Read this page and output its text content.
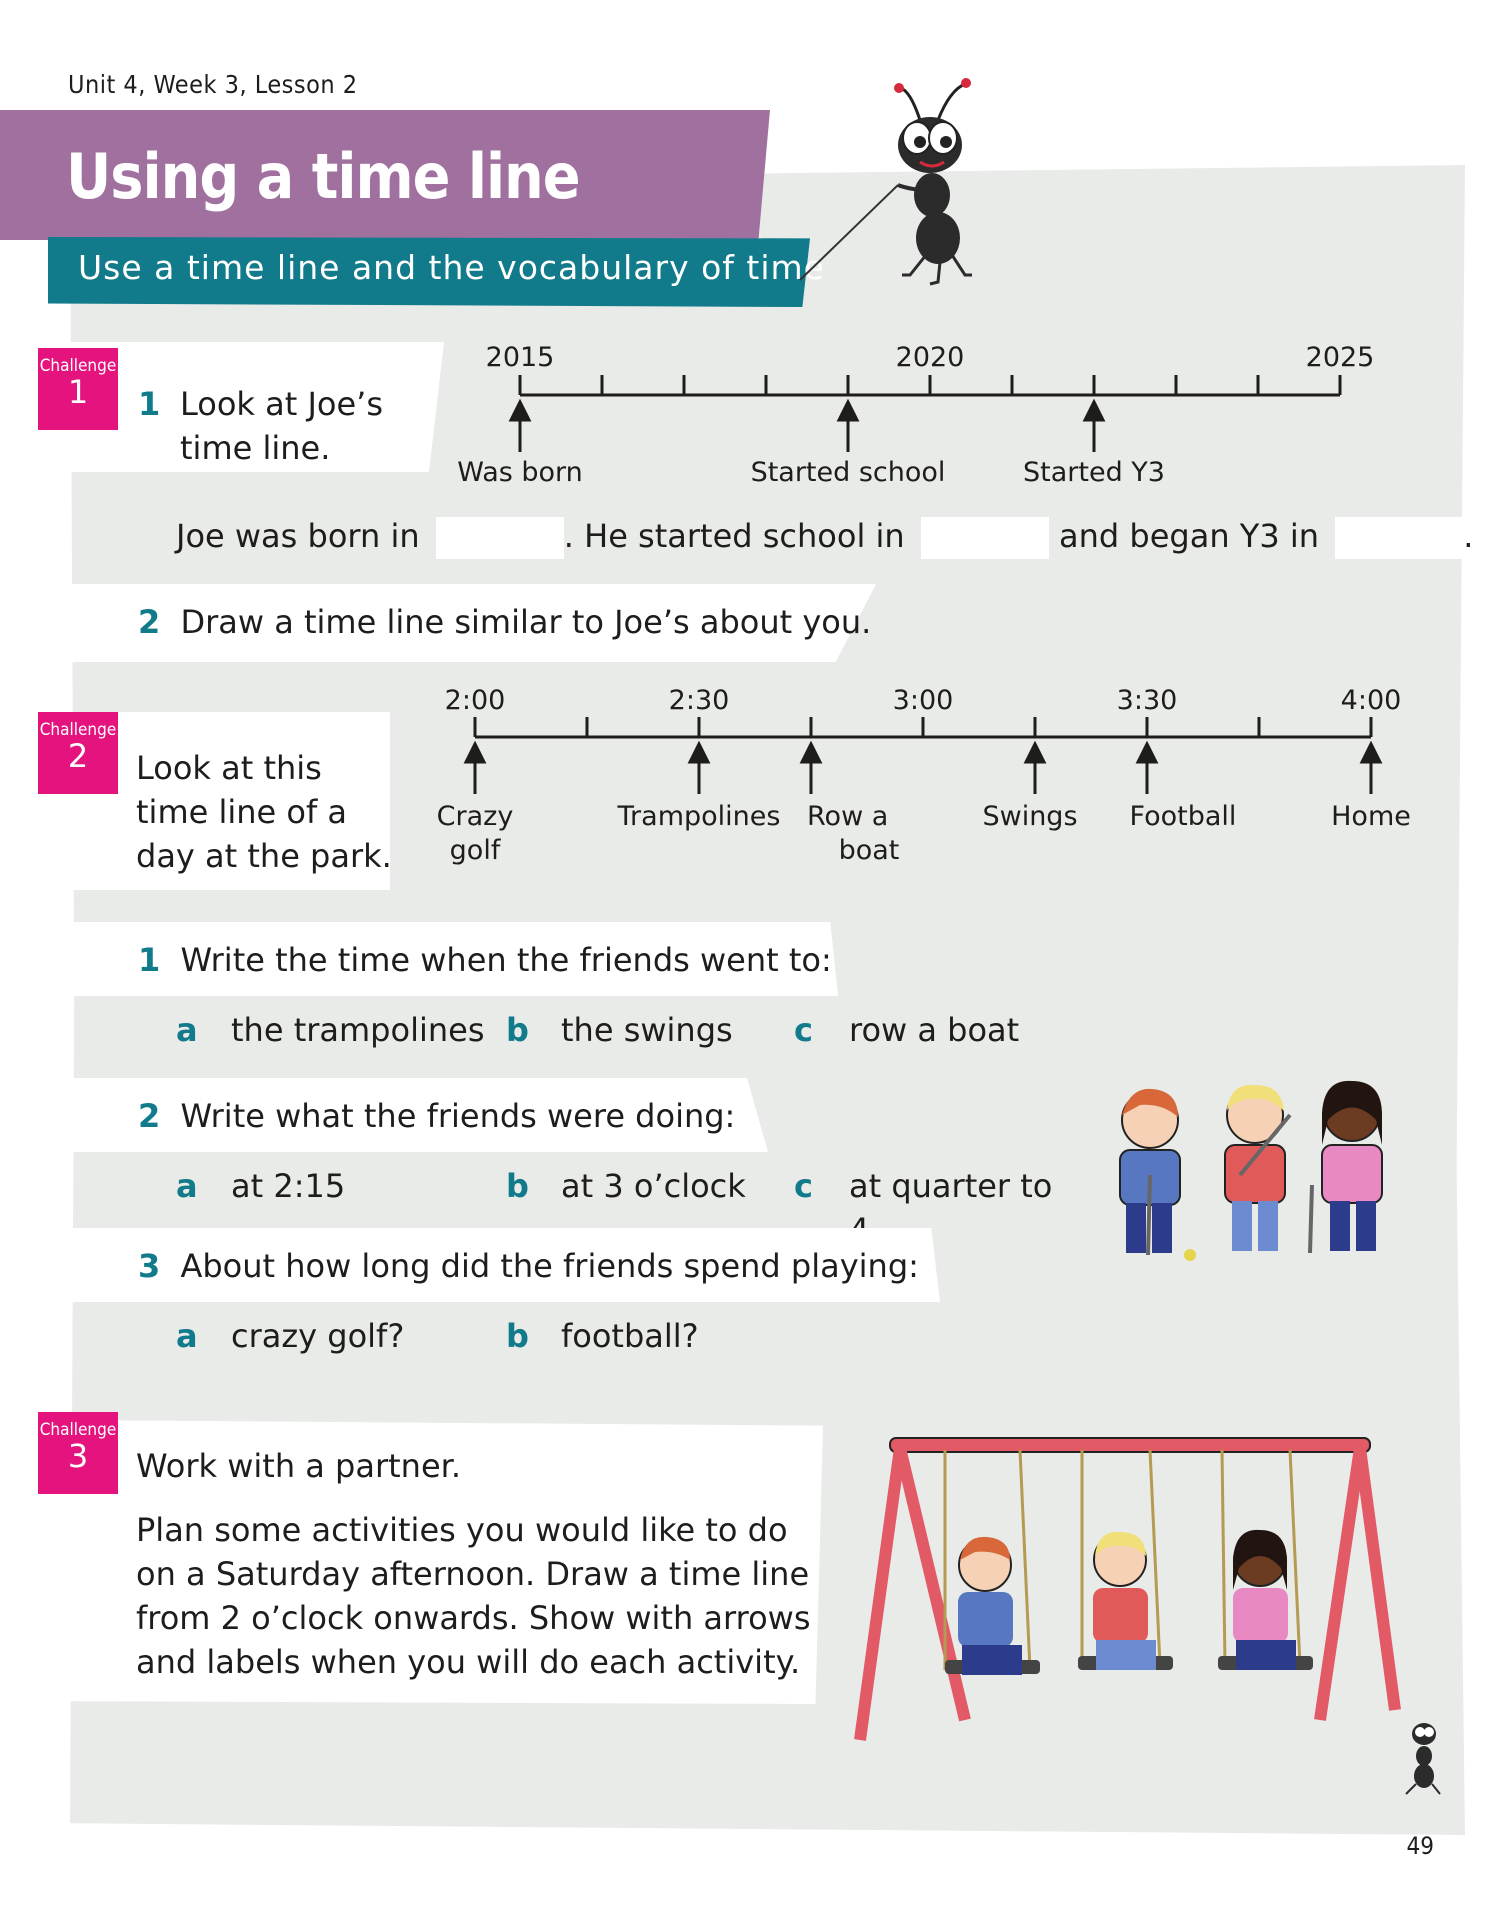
Unit 4, Week 3, Lesson 2
Using a time line
Use a time line and the vocabulary of time
Challenge
1	1 Look at Joe’s
time line.
2015	2020	2025
Was born	Started school	Started Y3
Joe was born in	. He started school in	and began Y3 in	.
2 Draw a time line similar to Joe’s about you.
Challenge
2	Look at this
time line of a
day at the park.
2:00	2:30	3:00	3:30	4:00
Crazy
golf
Trampolines Row a
boat
Swings	Football	Home
1 Write the time when the friends went to:
a the trampolines b the swings c row a boat
2 Write what the friends were doing:
a at 2:15	b at 3 o’clock c at quarter to
3 About how long did the friends spend playing:
a crazy golf?	b football?
Challenge
3	Work with a partner.
Plan some activities you would like to do
on a Saturday afternoon. Draw a time line
from 2 o’clock onwards. Show with arrows
and labels when you will do each activity.
49
